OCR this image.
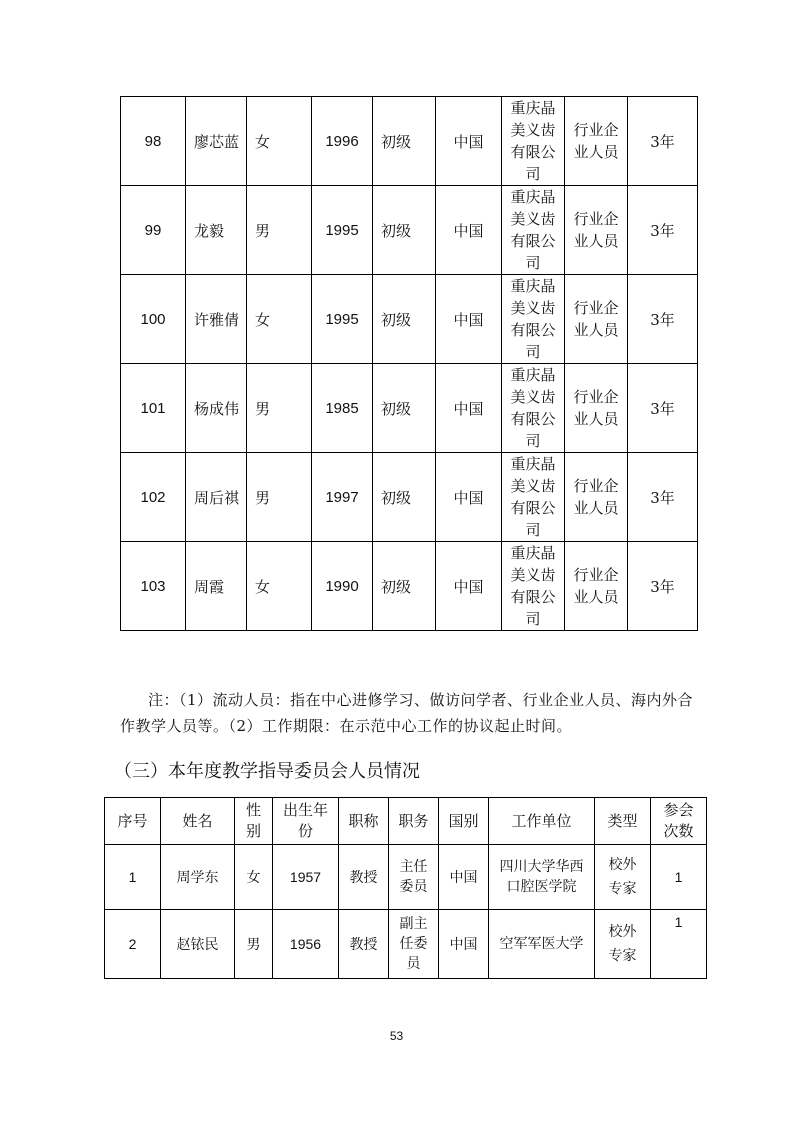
98	廖芯蓝	女	1996	初级	中国	重庆晶美义齿有限公司	行业企业人员	3年
99	龙毅	男	1995	初级	中国	重庆晶美义齿有限公司	行业企业人员	3年
100	许雅倩	女	1995	初级	中国	重庆晶美义齿有限公司	行业企业人员	3年
101	杨成伟	男	1985	初级	中国	重庆晶美义齿有限公司	行业企业人员	3年
102	周后祺	男	1997	初级	中国	重庆晶美义齿有限公司	行业企业人员	3年
103	周霞	女	1990	初级	中国	重庆晶美义齿有限公司	行业企业人员	3年
注：（1）流动人员：指在中心进修学习、做访问学者、行业企业人员、海内外合作教学人员等。（2）工作期限：在示范中心工作的协议起止时间。
（三）本年度教学指导委员会人员情况
序号	姓名	性别	出生年份	职称	职务	国别	工作单位	类型	参会次数
1	周学东	女	1957	教授	主任委员	中国	四川大学华西口腔医学院	校外专家	1
2	赵铱民	男	1956	教授	副主任委员	中国	空军军医大学	校外专家	1
53
